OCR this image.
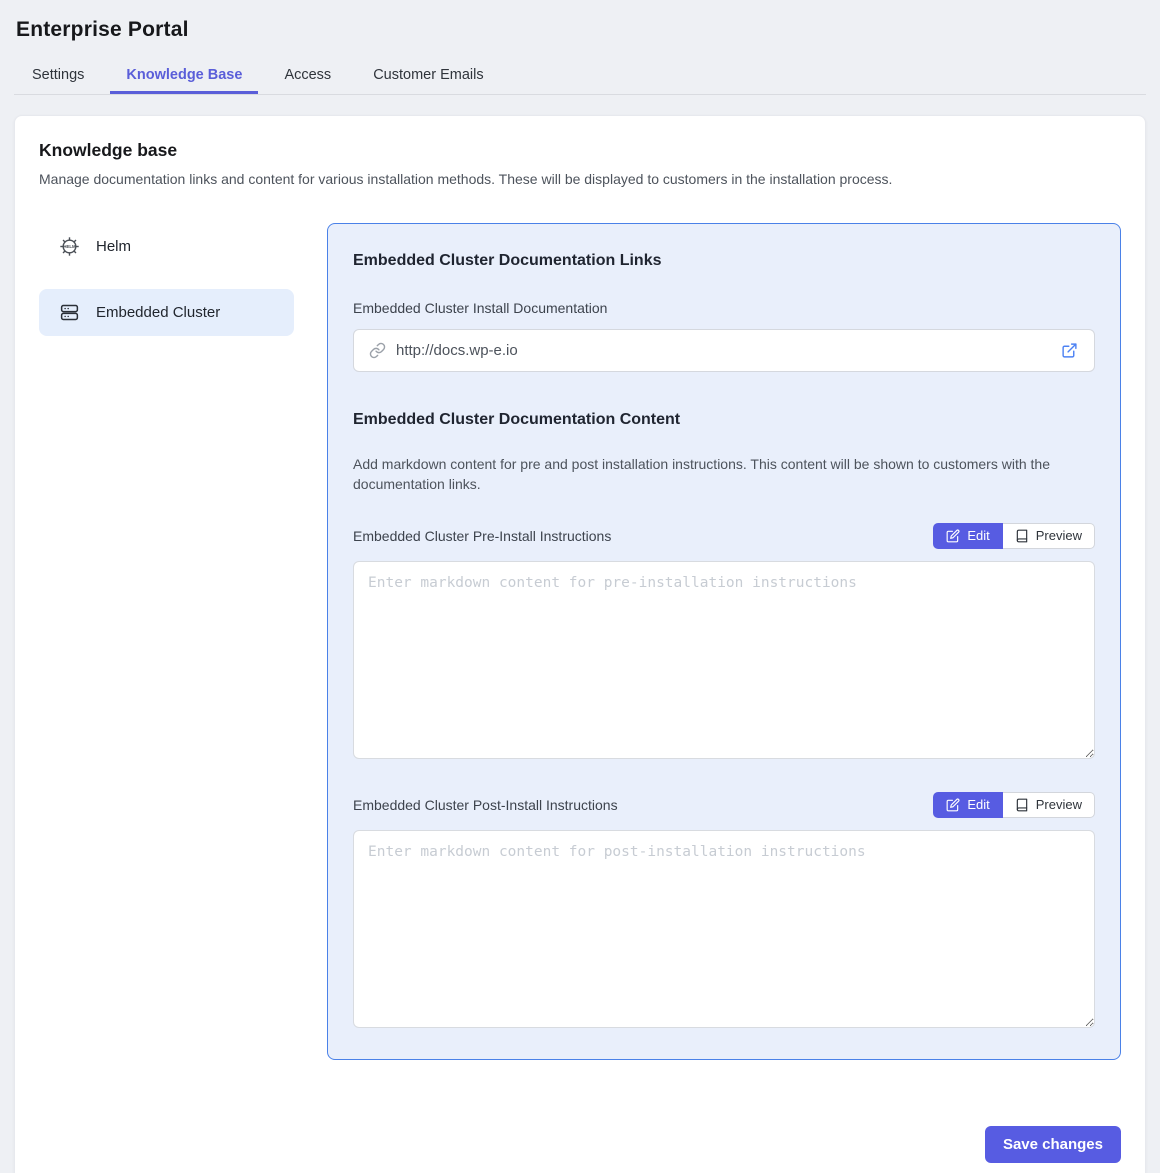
Enterprise Portal
Settings	Knowledge Base	Access	Customer Emails
Knowledge base
Manage documentation links and content for various installation methods. These will be displayed to customers in the installation process.
HELM Helm
Embedded Cluster
Embedded Cluster Documentation Links
Embedded Cluster Install Documentation
http://docs.wp-e.io
Embedded Cluster Documentation Content
Add markdown content for pre and post installation instructions. This content will be shown to customers with the documentation links.
Embedded Cluster Pre-Install Instructions	Edit	Preview
Enter markdown content for pre-installation instructions
Embedded Cluster Post-Install Instructions	Edit	Preview
Enter markdown content for post-installation instructions
Save changes
